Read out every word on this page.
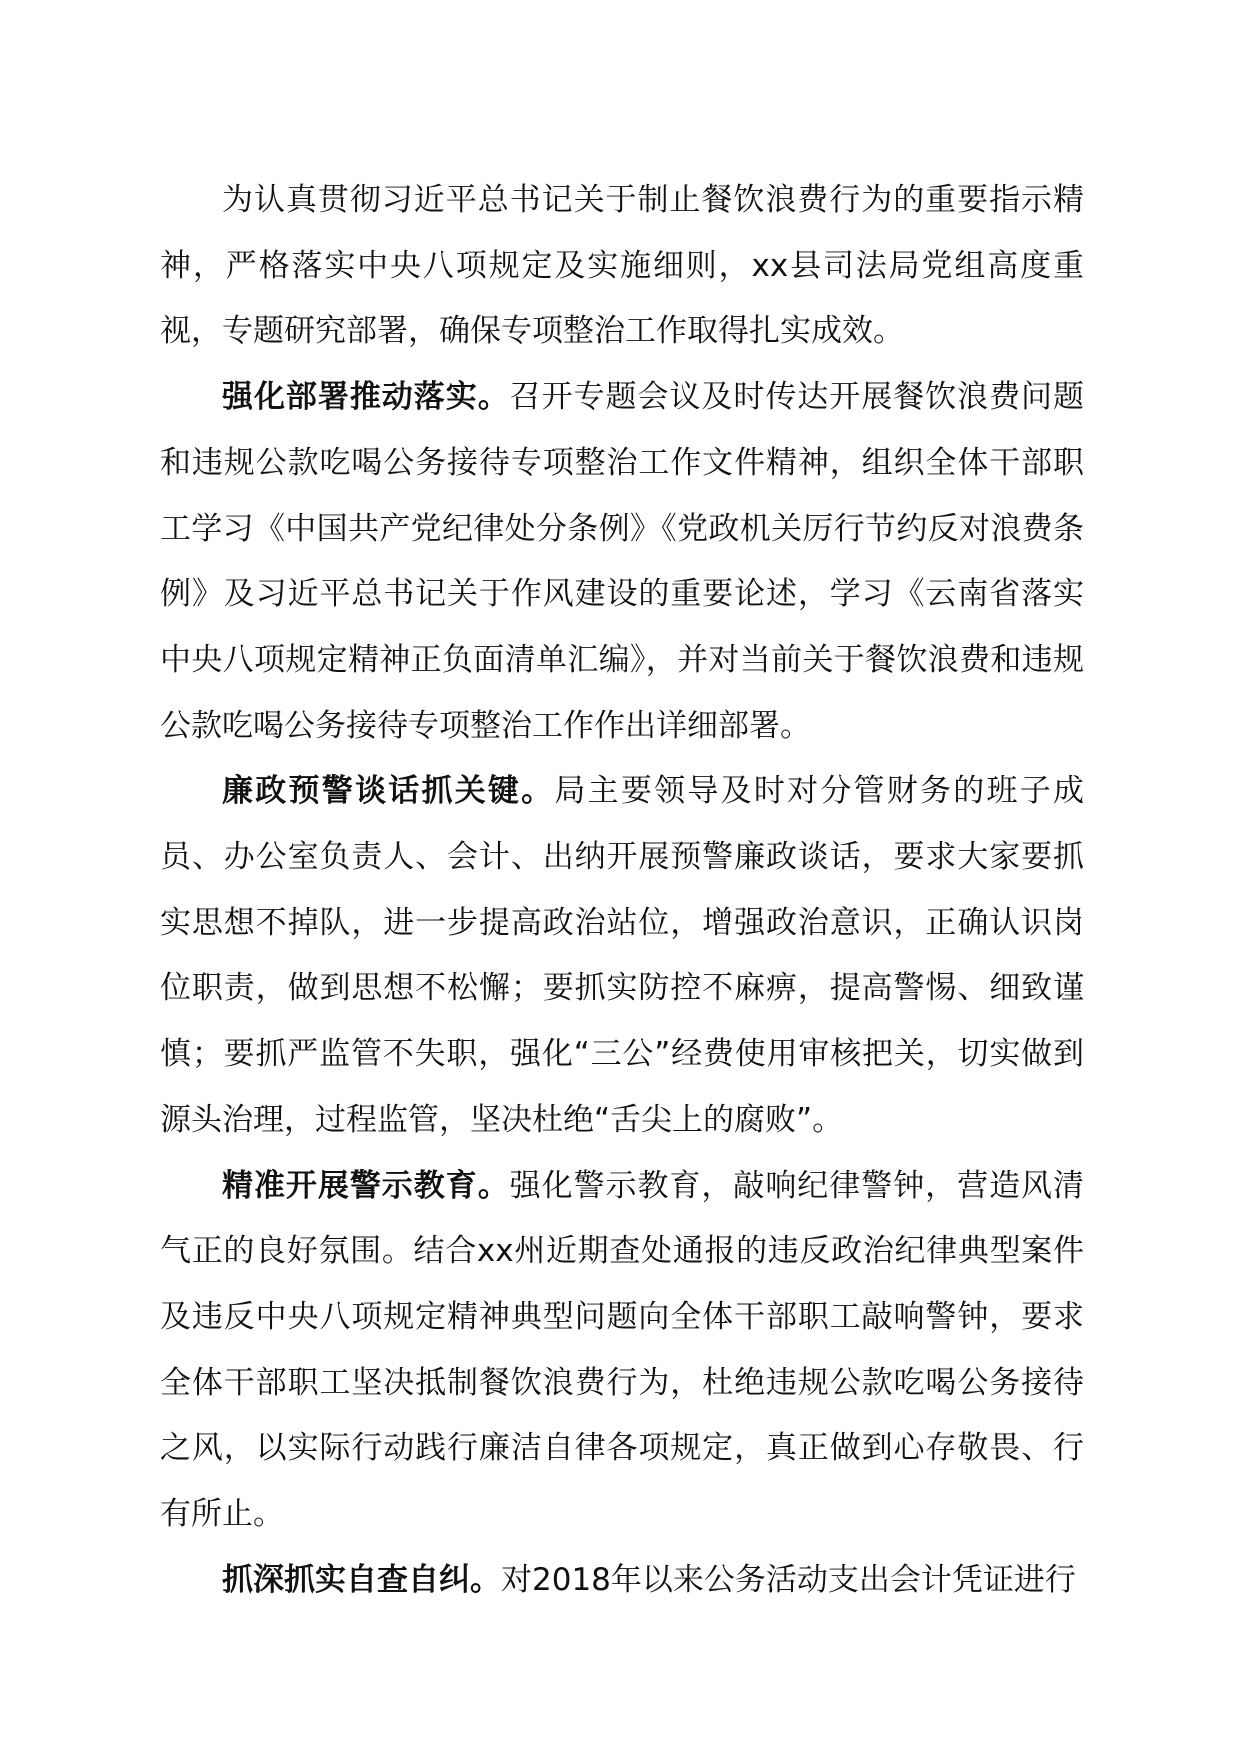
为认真贯彻习近平总书记关于制止餐饮浪费行为的重要指示精神，严格落实中央八项规定及实施细则，xx县司法局党组高度重视，专题研究部署，确保专项整治工作取得扎实成效。

强化部署推动落实。召开专题会议及时传达开展餐饮浪费问题和违规公款吃喝公务接待专项整治工作文件精神，组织全体干部职工学习《中国共产党纪律处分条例》《党政机关厉行节约反对浪费条例》及习近平总书记关于作风建设的重要论述，学习《云南省落实中央八项规定精神正负面清单汇编》，并对当前关于餐饮浪费和违规公款吃喝公务接待专项整治工作作出详细部署。

廉政预警谈话抓关键。局主要领导及时对分管财务的班子成员、办公室负责人、会计、出纳开展预警廉政谈话，要求大家要抓实思想不掉队，进一步提高政治站位，增强政治意识，正确认识岗位职责，做到思想不松懈；要抓实防控不麻痹，提高警惕、细致谨慎；要抓严监管不失职，强化“三公”经费使用审核把关，切实做到源头治理，过程监管，坚决杜绝“舌尖上的腐败”。

精准开展警示教育。强化警示教育，敲响纪律警钟，营造风清气正的良好氛围。结合xx州近期查处通报的违反政治纪律典型案件及违反中央八项规定精神典型问题向全体干部职工敲响警钟，要求全体干部职工坚决抵制餐饮浪费行为，杜绝违规公款吃喝公务接待之风，以实际行动践行廉洁自律各项规定，真正做到心存敬畏、行有所止。

抓深抓实自查自纠。对2018年以来公务活动支出会计凭证进行
